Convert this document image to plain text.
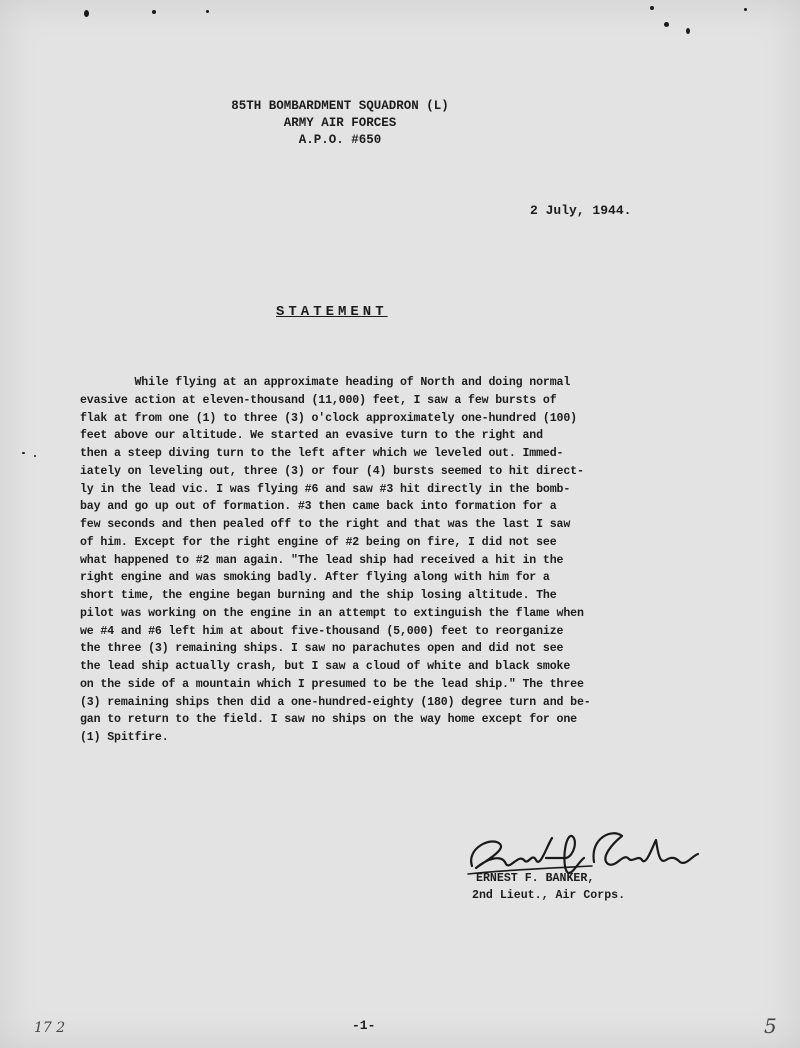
85TH BOMBARDMENT SQUADRON (L)
ARMY AIR FORCES
A.P.O. #650
2 July, 1944.
STATEMENT
While flying at an approximate heading of North and doing normal
evasive action at eleven-thousand (11,000) feet, I saw a few bursts of
flak at from one (1) to three (3) o'clock approximately one-hundred (100)
feet above our altitude. We started an evasive turn to the right and
then a steep diving turn to the left after which we leveled out. Immed-
iately on leveling out, three (3) or four (4) bursts seemed to hit direct-
ly in the lead vic. I was flying #6 and saw #3 hit directly in the bomb-
bay and go up out of formation. #3 then came back into formation for a
few seconds and then pealed off to the right and that was the last I saw
of him. Except for the right engine of #2 being on fire, I did not see
what happened to #2 man again. "The lead ship had received a hit in the
right engine and was smoking badly. After flying along with him for a
short time, the engine began burning and the ship losing altitude. The
pilot was working on the engine in an attempt to extinguish the flame when
we #4 and #6 left him at about five-thousand (5,000) feet to reorganize
the three (3) remaining ships. I saw no parachutes open and did not see
the lead ship actually crash, but I saw a cloud of white and black smoke
on the side of a mountain which I presumed to be the lead ship." The three
(3) remaining ships then did a one-hundred-eighty (180) degree turn and be-
gan to return to the field. I saw no ships on the way home except for one
(1) Spitfire.
ERNEST F. BANKER,
2nd Lieut., Air Corps.
-1-
17 2	5
